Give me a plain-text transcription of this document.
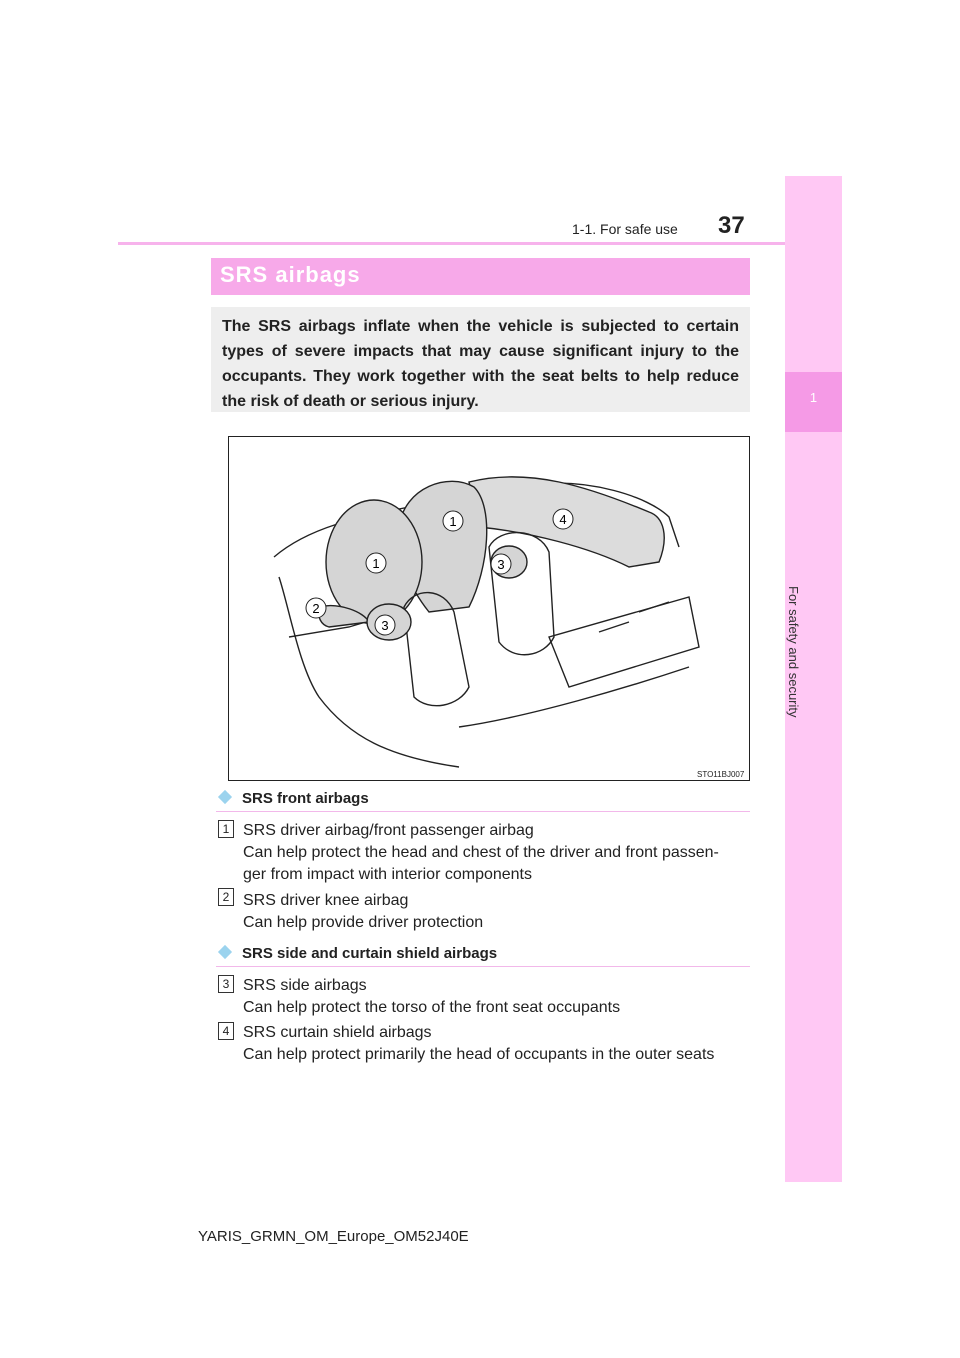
1-1. For safe use 37
1
For safety and security
SRS airbags
The SRS airbags inflate when the vehicle is subjected to certain types of severe impacts that may cause significant injury to the occupants. They work together with the seat belts to help reduce the risk of death or serious injury.
1
1
2
3
3
4
STO11BJ007
SRS front airbags
1 SRS driver airbag/front passenger airbag
Can help protect the head and chest of the driver and front passen-
ger from impact with interior components
2 SRS driver knee airbag
Can help provide driver protection
SRS side and curtain shield airbags
3 SRS side airbags
Can help protect the torso of the front seat occupants
4 SRS curtain shield airbags
Can help protect primarily the head of occupants in the outer seats
YARIS_GRMN_OM_Europe_OM52J40E
